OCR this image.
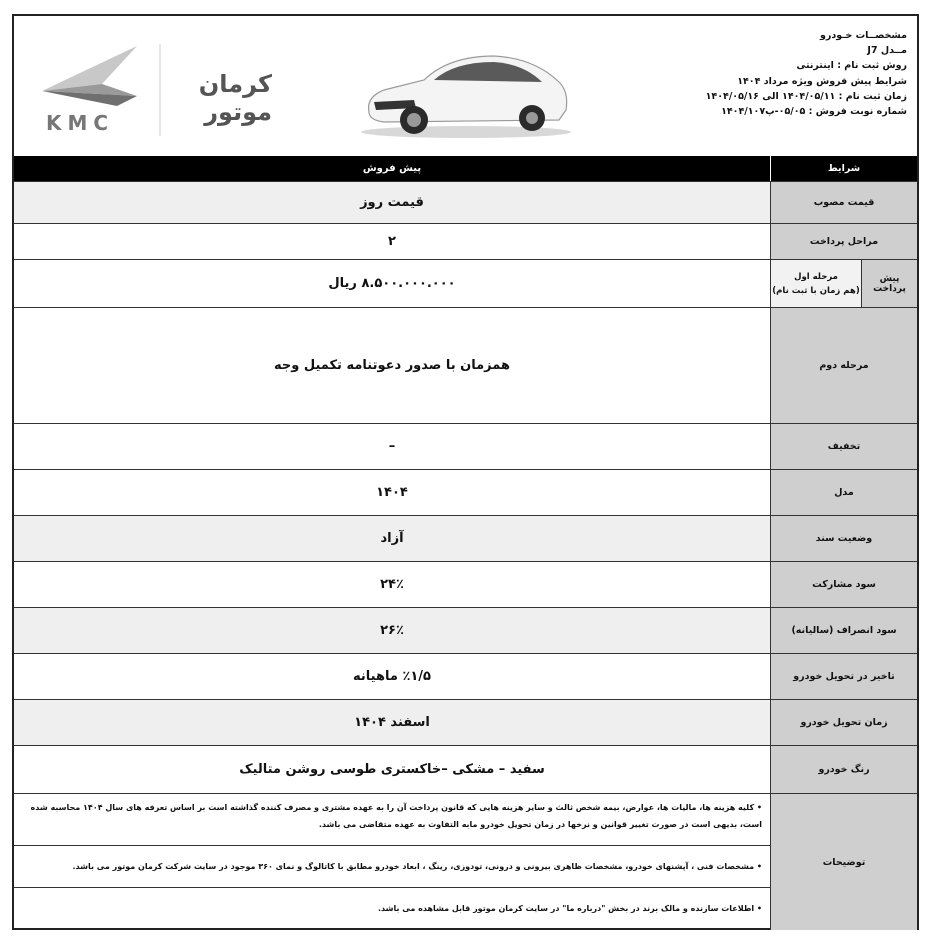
KMC
کرمان موتور
مشخصــات خـودرو
مــدل J7
روش ثبت نام : اینترنتی
شرایط پیش فروش ویژه مرداد ۱۴۰۴
زمان ثبت نام : ۱۴۰۴/۰۵/۱۱ الی ۱۴۰۴/۰۵/۱۶
شماره نوبت فروش : ۰۵/۰۵-پ۱۴۰۴/۱۰۷
شرایط
پیش فروش
قیمت مصوب
قیمت روز
مراحل پرداخت
۲
پیش پرداخت
مرحله اول
(هم زمان با ثبت نام)
۸.۵۰۰.۰۰۰.۰۰۰ ریال
مرحله دوم
همزمان با صدور دعوتنامه تکمیل وجه
تخفیف
–
مدل
۱۴۰۴
وضعیت سند
آزاد
سود مشارکت
۲۴٪
سود انصراف (سالیانه)
۲۶٪
تاخیر در تحویل خودرو
٪۱/۵ ماهیانه
زمان تحویل خودرو
اسفند ۱۴۰۴
رنگ خودرو
سفید – مشکی –خاکستری طوسی روشن متالیک
توضیحات
• کلیه هزینه ها، مالیات ها، عوارض، بیمه شخص ثالث و سایر هزینه هایی که قانون پرداخت آن را به عهده مشتری و مصرف کننده گذاشته است بر اساس تعرفه های سال ۱۴۰۴ محاسبه شده است، بدیهی است در صورت تغییر قوانین و نرخها در زمان تحویل خودرو مابه التفاوت به عهده متقاضی می باشد.
• مشخصات فنی ، آپشنهای خودرو، مشخصات ظاهری بیرونی و درونی، تودوزی، رینگ ، ابعاد خودرو مطابق با کاتالوگ و نمای ۳۶۰ موجود در سایت شرکت کرمان موتور می باشد.
• اطلاعات سازنده و مالک برند در بخش "درباره ما" در سایت کرمان موتور قابل مشاهده می باشد.
